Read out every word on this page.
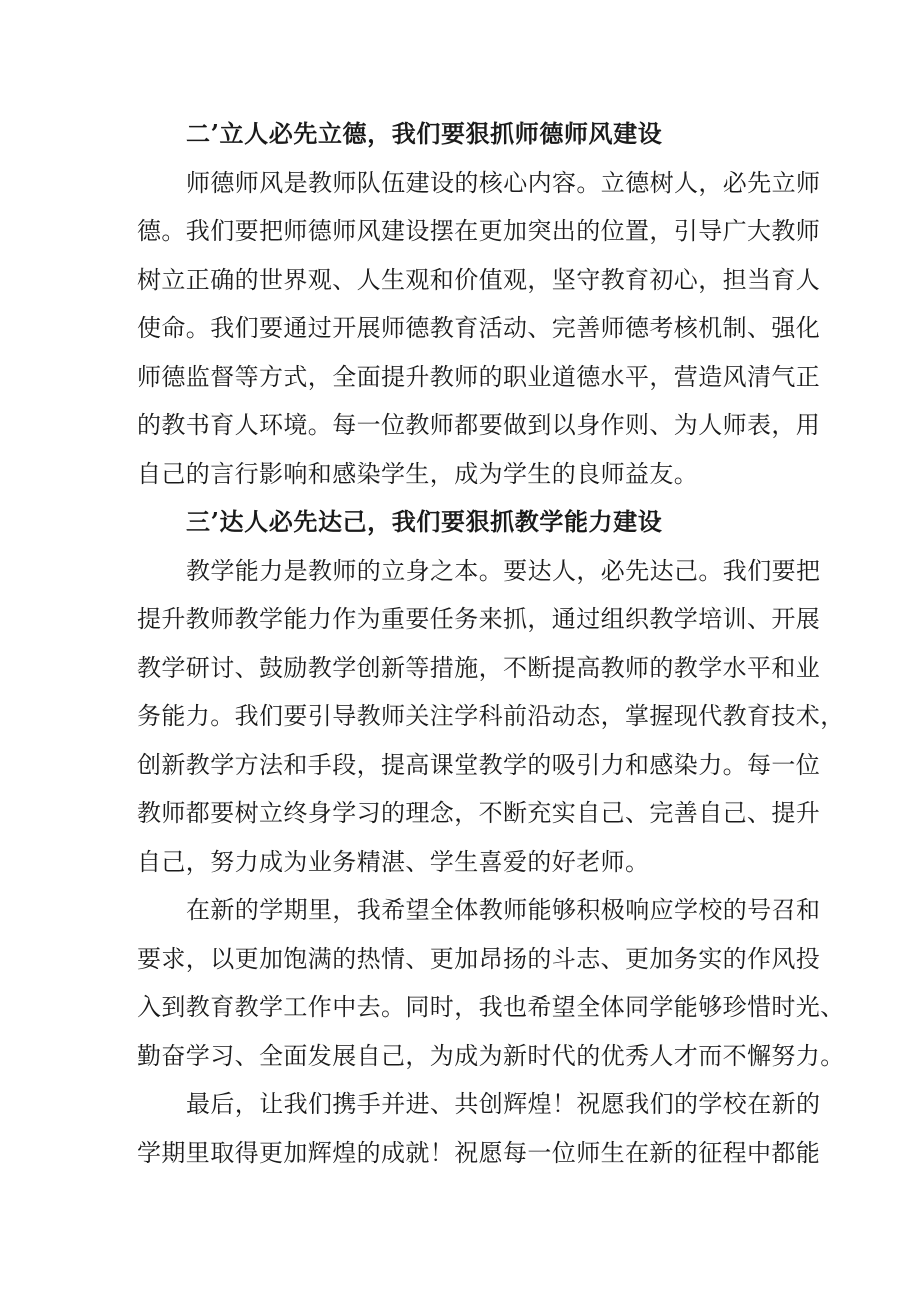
二’立人必先立德，我们要狠抓师德师风建设
师德师风是教师队伍建设的核心内容。立德树人，必先立师
德。我们要把师德师风建设摆在更加突出的位置，引导广大教师
树立正确的世界观、人生观和价值观，坚守教育初心，担当育人
使命。我们要通过开展师德教育活动、完善师德考核机制、强化
师德监督等方式，全面提升教师的职业道德水平，营造风清气正
的教书育人环境。每一位教师都要做到以身作则、为人师表，用
自己的言行影响和感染学生，成为学生的良师益友。
三’达人必先达己，我们要狠抓教学能力建设
教学能力是教师的立身之本。要达人，必先达己。我们要把
提升教师教学能力作为重要任务来抓，通过组织教学培训、开展
教学研讨、鼓励教学创新等措施，不断提高教师的教学水平和业
务能力。我们要引导教师关注学科前沿动态，掌握现代教育技术，
创新教学方法和手段，提高课堂教学的吸引力和感染力。每一位
教师都要树立终身学习的理念，不断充实自己、完善自己、提升
自己，努力成为业务精湛、学生喜爱的好老师。
在新的学期里，我希望全体教师能够积极响应学校的号召和
要求，以更加饱满的热情、更加昂扬的斗志、更加务实的作风投
入到教育教学工作中去。同时，我也希望全体同学能够珍惜时光、
勤奋学习、全面发展自己，为成为新时代的优秀人才而不懈努力。
最后，让我们携手并进、共创辉煌！祝愿我们的学校在新的
学期里取得更加辉煌的成就！祝愿每一位师生在新的征程中都能
